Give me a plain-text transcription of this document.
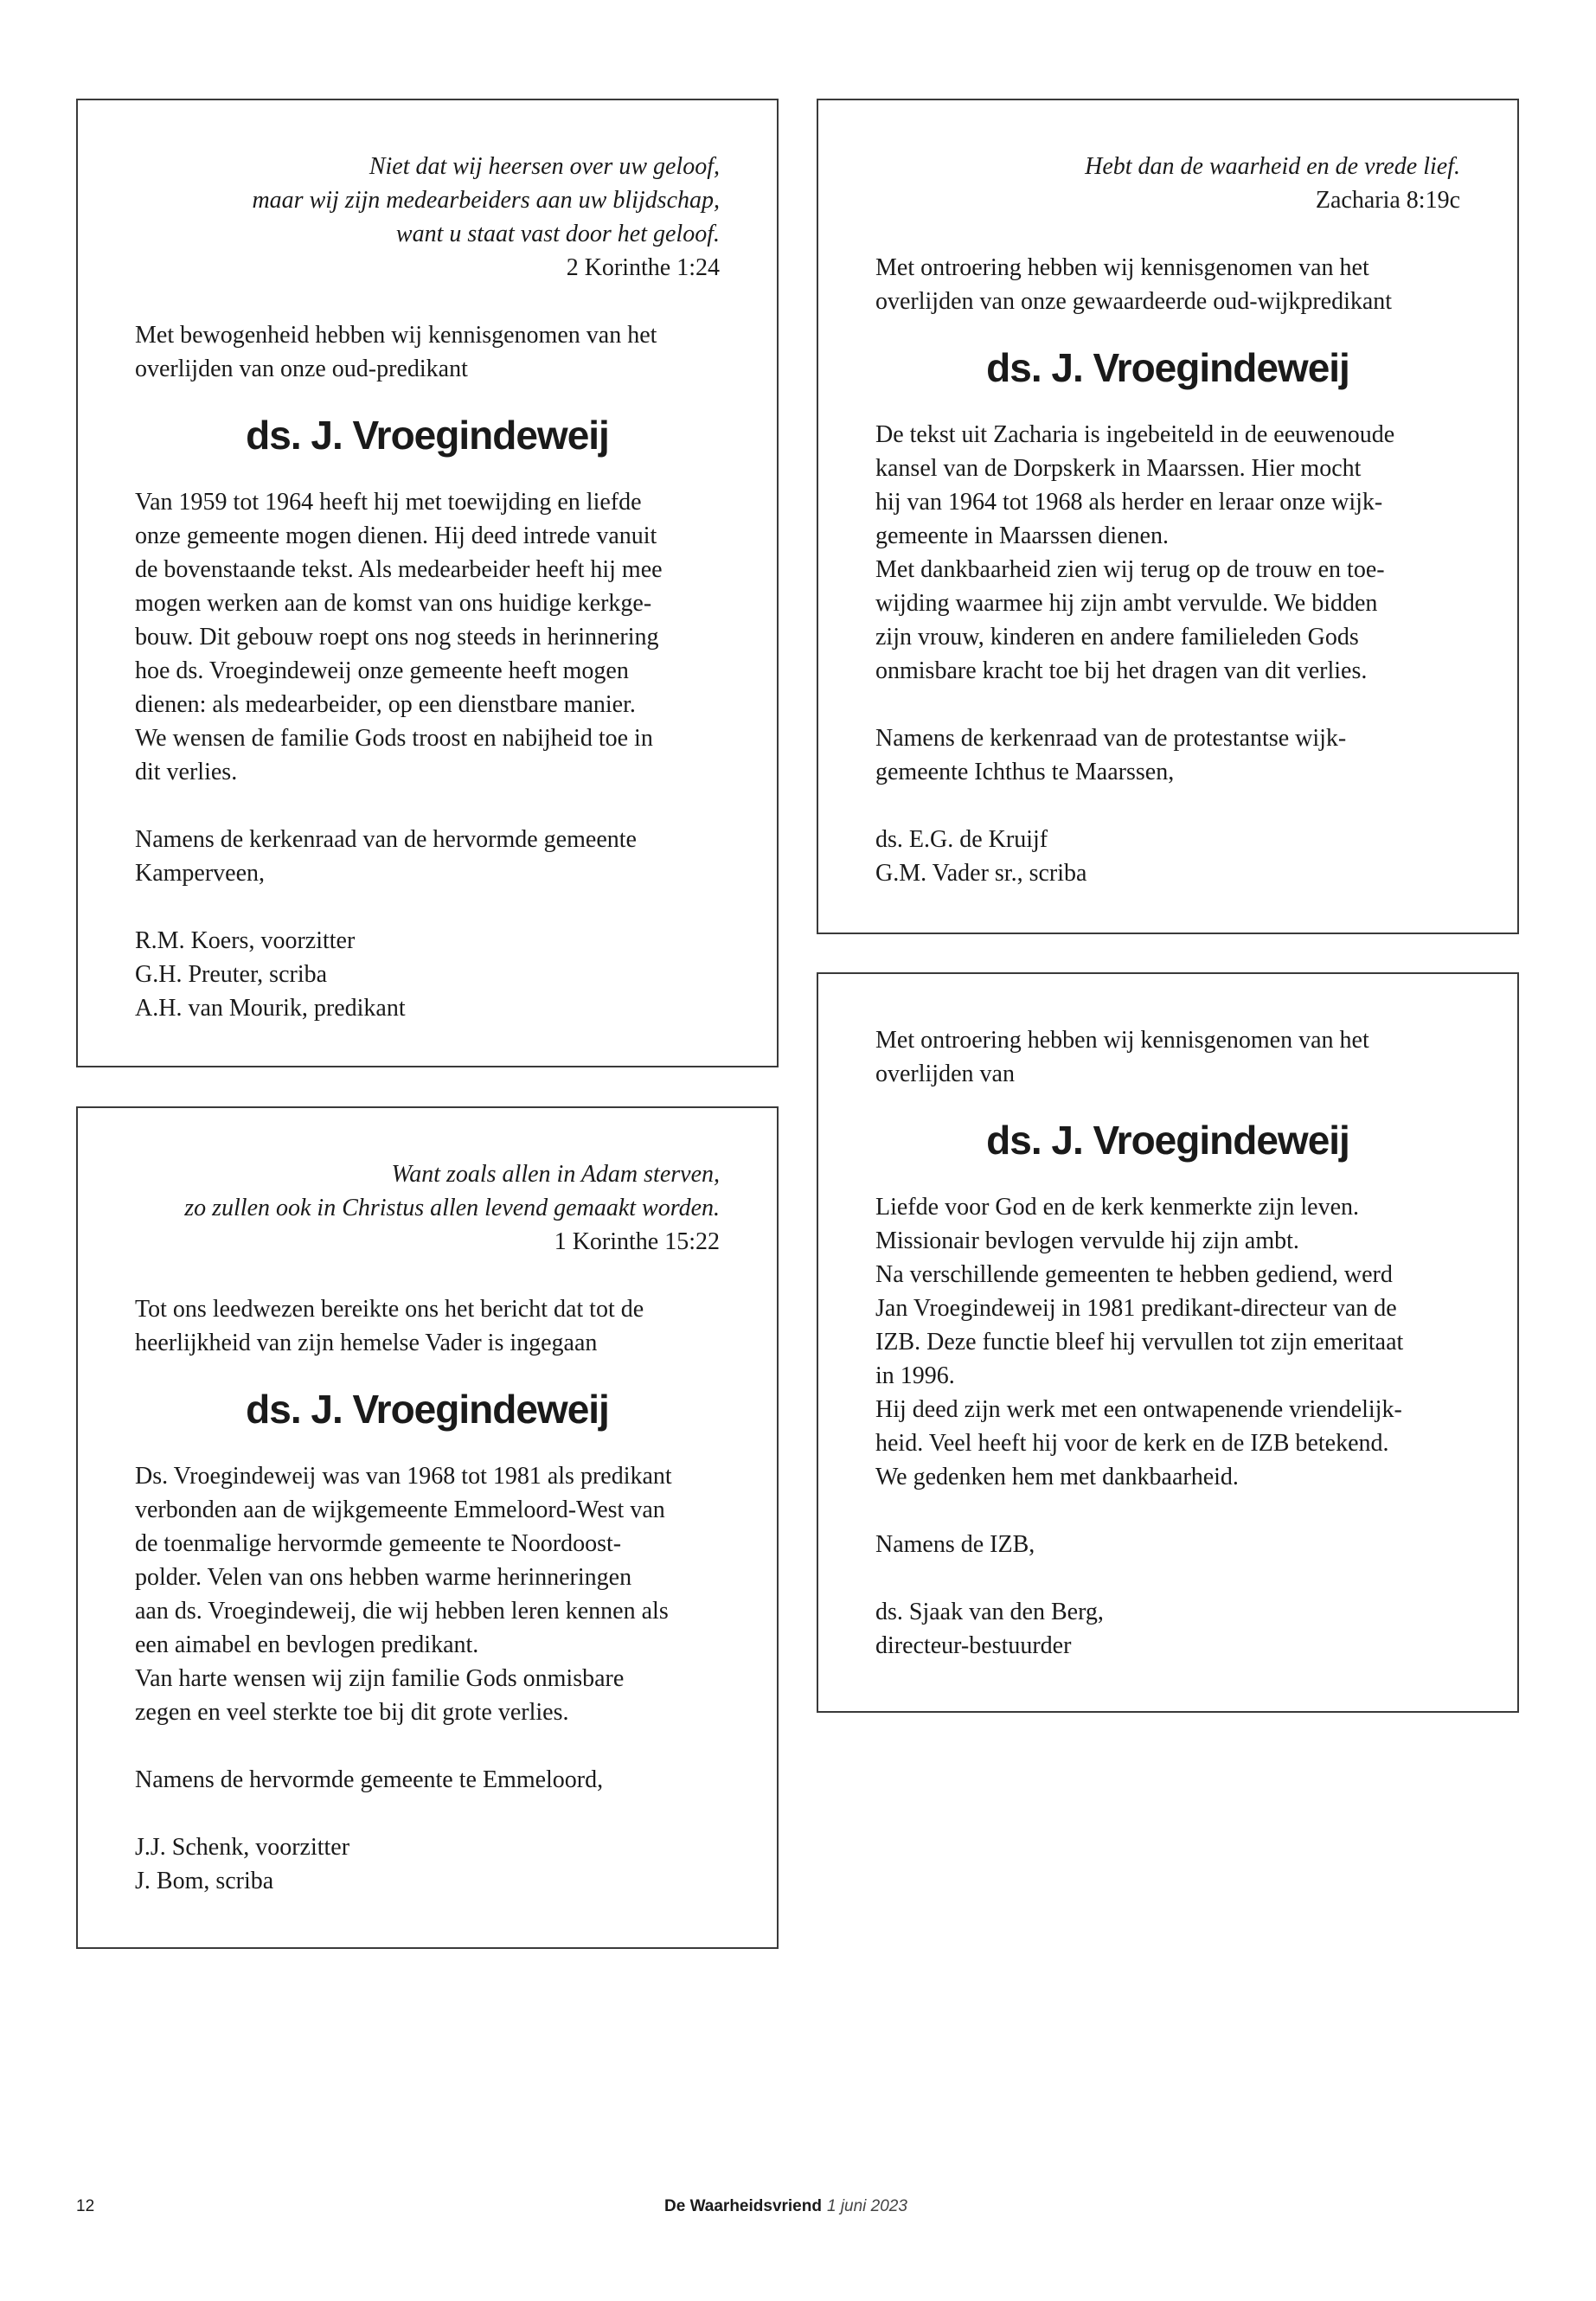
Niet dat wij heersen over uw geloof,
maar wij zijn medearbeiders aan uw blijdschap,
want u staat vast door het geloof.
2 Korinthe 1:24
Met bewogenheid hebben wij kennisgenomen van het
overlijden van onze oud-predikant
ds. J. Vroegindeweij
Van 1959 tot 1964 heeft hij met toewijding en liefde
onze gemeente mogen dienen. Hij deed intrede vanuit
de bovenstaande tekst. Als medearbeider heeft hij mee
mogen werken aan de komst van ons huidige kerkge-
bouw. Dit gebouw roept ons nog steeds in herinnering
hoe ds. Vroegindeweij onze gemeente heeft mogen
dienen: als medearbeider, op een dienstbare manier.
We wensen de familie Gods troost en nabijheid toe in
dit verlies.
Namens de kerkenraad van de hervormde gemeente
Kamperveen,
R.M. Koers, voorzitter
G.H. Preuter, scriba
A.H. van Mourik, predikant
Hebt dan de waarheid en de vrede lief.
Zacharia 8:19c
Met ontroering hebben wij kennisgenomen van het
overlijden van onze gewaardeerde oud-wijkpredikant
ds. J. Vroegindeweij
De tekst uit Zacharia is ingebeiteld in de eeuwenoude
kansel van de Dorpskerk in Maarssen. Hier mocht
hij van 1964 tot 1968 als herder en leraar onze wijk-
gemeente in Maarssen dienen.
Met dankbaarheid zien wij terug op de trouw en toe-
wijding waarmee hij zijn ambt vervulde. We bidden
zijn vrouw, kinderen en andere familieleden Gods
onmisbare kracht toe bij het dragen van dit verlies.
Namens de kerkenraad van de protestantse wijk-
gemeente Ichthus te Maarssen,
ds. E.G. de Kruijf
G.M. Vader sr., scriba
Want zoals allen in Adam sterven,
zo zullen ook in Christus allen levend gemaakt worden.
1 Korinthe 15:22
Tot ons leedwezen bereikte ons het bericht dat tot de
heerlijkheid van zijn hemelse Vader is ingegaan
ds. J. Vroegindeweij
Ds. Vroegindeweij was van 1968 tot 1981 als predikant
verbonden aan de wijkgemeente Emmeloord-West van
de toenmalige hervormde gemeente te Noordoost-
polder. Velen van ons hebben warme herinneringen
aan ds. Vroegindeweij, die wij hebben leren kennen als
een aimabel en bevlogen predikant.
Van harte wensen wij zijn familie Gods onmisbare
zegen en veel sterkte toe bij dit grote verlies.
Namens de hervormde gemeente te Emmeloord,
J.J. Schenk, voorzitter
J. Bom, scriba
Met ontroering hebben wij kennisgenomen van het
overlijden van
ds. J. Vroegindeweij
Liefde voor God en de kerk kenmerkte zijn leven.
Missionair bevlogen vervulde hij zijn ambt.
Na verschillende gemeenten te hebben gediend, werd
Jan Vroegindeweij in 1981 predikant-directeur van de
IZB. Deze functie bleef hij vervullen tot zijn emeritaat
in 1996.
Hij deed zijn werk met een ontwapenende vriendelijk-
heid. Veel heeft hij voor de kerk en de IZB betekend.
We gedenken hem met dankbaarheid.
Namens de IZB,
ds. Sjaak van den Berg,
directeur-bestuurder
12	De Waarheidsvriend 1 juni 2023
